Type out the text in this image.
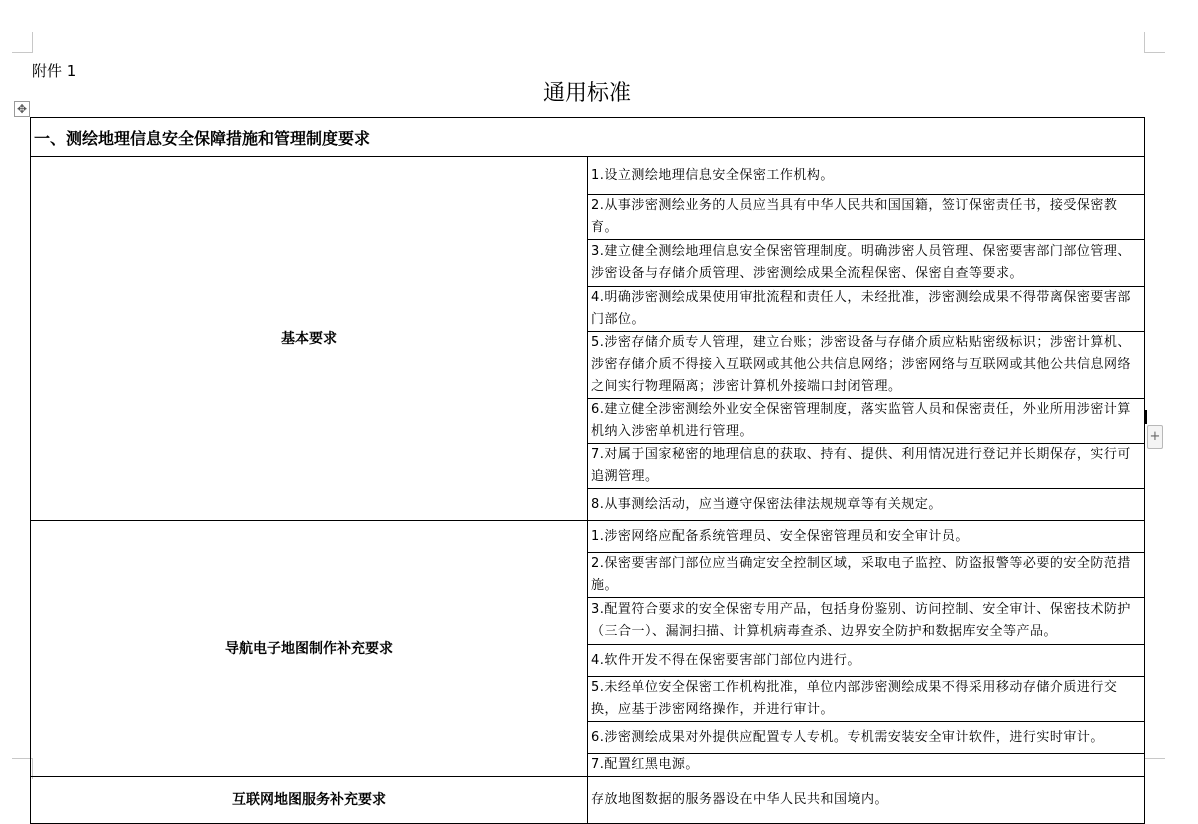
附件 1
通用标准
✥
+
一、测绘地理信息安全保障措施和管理制度要求	
基本要求	1.设立测绘地理信息安全保密工作机构。
	2.从事涉密测绘业务的人员应当具有中华人民共和国国籍，签订保密责任书，接受保密教育。
	3.建立健全测绘地理信息安全保密管理制度。明确涉密人员管理、保密要害部门部位管理、涉密设备与存储介质管理、涉密测绘成果全流程保密、保密自查等要求。
	4.明确涉密测绘成果使用审批流程和责任人，未经批准，涉密测绘成果不得带离保密要害部门部位。
	5.涉密存储介质专人管理，建立台账；涉密设备与存储介质应粘贴密级标识；涉密计算机、涉密存储介质不得接入互联网或其他公共信息网络；涉密网络与互联网或其他公共信息网络之间实行物理隔离；涉密计算机外接端口封闭管理。
	6.建立健全涉密测绘外业安全保密管理制度，落实监管人员和保密责任，外业所用涉密计算机纳入涉密单机进行管理。
	7.对属于国家秘密的地理信息的获取、持有、提供、利用情况进行登记并长期保存，实行可追溯管理。
	8.从事测绘活动，应当遵守保密法律法规规章等有关规定。
导航电子地图制作补充要求	1.涉密网络应配备系统管理员、安全保密管理员和安全审计员。
	2.保密要害部门部位应当确定安全控制区域，采取电子监控、防盗报警等必要的安全防范措施。
	3.配置符合要求的安全保密专用产品，包括身份鉴别、访问控制、安全审计、保密技术防护（三合一）、漏洞扫描、计算机病毒查杀、边界安全防护和数据库安全等产品。
	4.软件开发不得在保密要害部门部位内进行。
	5.未经单位安全保密工作机构批准，单位内部涉密测绘成果不得采用移动存储介质进行交换，应基于涉密网络操作，并进行审计。
	6.涉密测绘成果对外提供应配置专人专机。专机需安装安全审计软件，进行实时审计。
	7.配置红黑电源。
互联网地图服务补充要求	存放地图数据的服务器设在中华人民共和国境内。
